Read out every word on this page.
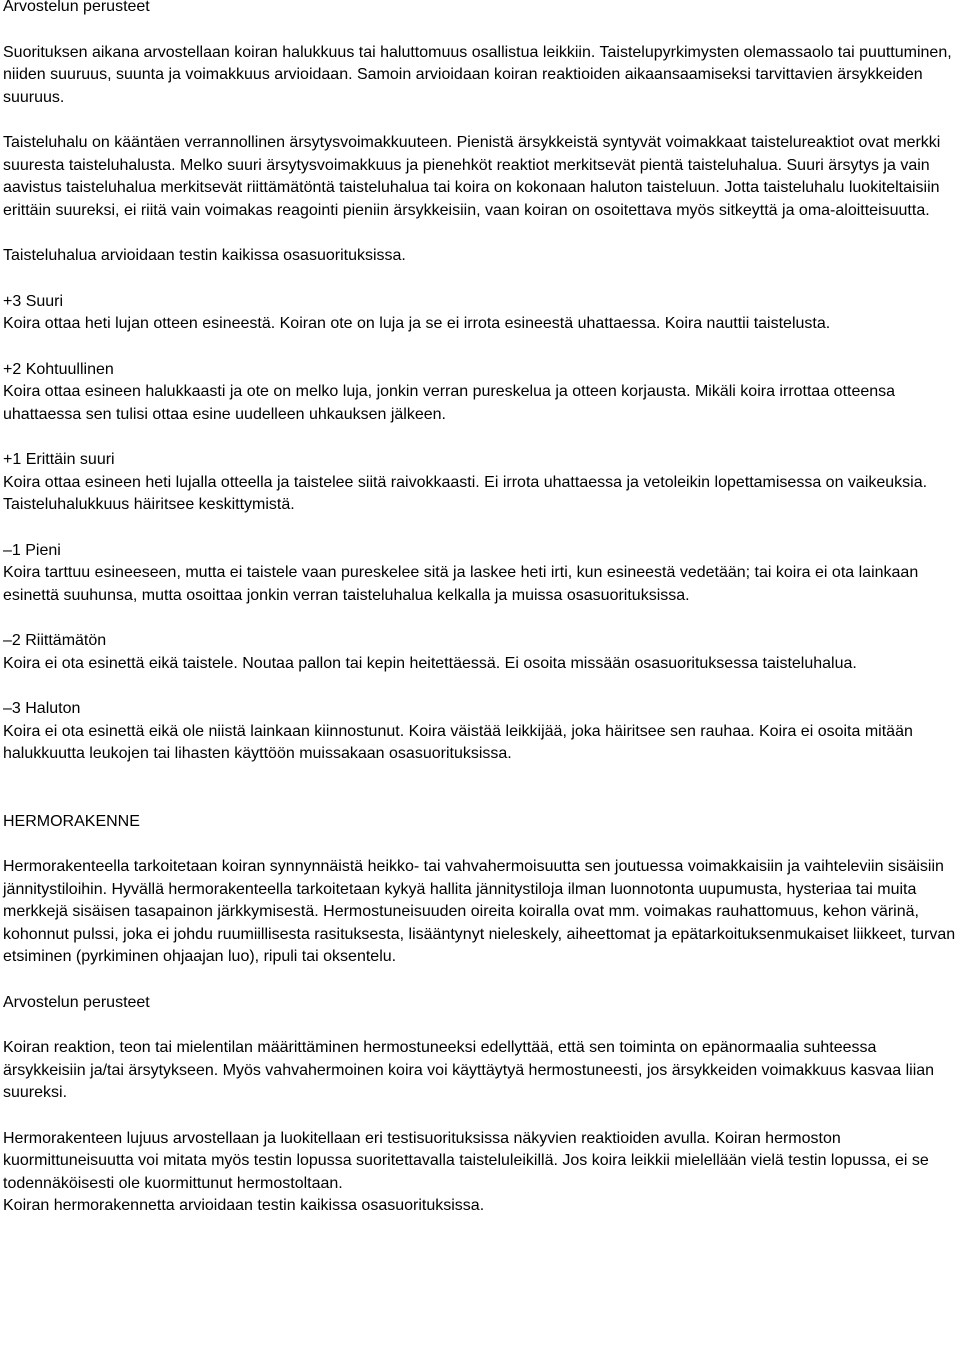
Arvostelun perusteet

Suorituksen aikana arvostellaan koiran halukkuus tai haluttomuus osallistua leikkiin. Taistelupyrkimysten olemassaolo tai puuttuminen, niiden suuruus, suunta ja voimakkuus arvioidaan. Samoin arvioidaan koiran reaktioiden aikaansaamiseksi tarvittavien ärsykkeiden suuruus.

Taisteluhalu on kääntäen verrannollinen ärsytysvoimakkuuteen. Pienistä ärsykkeistä syntyvät voimakkaat taistelureaktiot ovat merkki suuresta taisteluhalusta. Melko suuri ärsytysvoimakkuus ja pienehköt reaktiot merkitsevät pientä taisteluhalua. Suuri ärsytys ja vain aavistus taisteluhalua merkitsevät riittämätöntä taisteluhalua tai koira on kokonaan haluton taisteluun. Jotta taisteluhalu luokiteltaisiin erittäin suureksi, ei riitä vain voimakas reagointi pieniin ärsykkeisiin, vaan koiran on osoitettava myös sitkeyttä ja oma-aloitteisuutta.

Taisteluhalua arvioidaan testin kaikissa osasuorituksissa.

+3 Suuri

Koira ottaa heti lujan otteen esineestä. Koiran ote on luja ja se ei irrota esineestä uhattaessa. Koira nauttii taistelusta.

+2 Kohtuullinen

Koira ottaa esineen halukkaasti ja ote on melko luja, jonkin verran pureskelua ja otteen korjausta. Mikäli koira irrottaa otteensa uhattaessa sen tulisi ottaa esine uudelleen uhkauksen jälkeen.

+1 Erittäin suuri

Koira ottaa esineen heti lujalla otteella ja taistelee siitä raivokkaasti. Ei irrota uhattaessa ja vetoleikin lopettamisessa on vaikeuksia. Taisteluhalukkuus häiritsee keskittymistä.

–1 Pieni

Koira tarttuu esineeseen, mutta ei taistele vaan pureskelee sitä ja laskee heti irti, kun esineestä vedetään; tai koira ei ota lainkaan esinettä suuhunsa, mutta osoittaa jonkin verran taisteluhalua kelkalla ja muissa osasuorituksissa.

–2 Riittämätön

Koira ei ota esinettä eikä taistele. Noutaa pallon tai kepin heitettäessä. Ei osoita missään osasuorituksessa taisteluhalua.

–3 Haluton

Koira ei ota esinettä eikä ole niistä lainkaan kiinnostunut. Koira väistää leikkijää, joka häiritsee sen rauhaa. Koira ei osoita mitään halukkuutta leukojen tai lihasten käyttöön muissakaan osasuorituksissa.

HERMORAKENNE

Hermorakenteella tarkoitetaan koiran synnynnäistä heikko- tai vahvahermoisuutta sen joutuessa voimakkaisiin ja vaihteleviin sisäisiin jännitystiloihin. Hyvällä hermorakenteella tarkoitetaan kykyä hallita jännitystiloja ilman luonnotonta uupumusta, hysteriaa tai muita merkkejä sisäisen tasapainon järkkymisestä. Hermostuneisuuden oireita koiralla ovat mm. voimakas rauhattomuus, kehon värinä, kohonnut pulssi, joka ei johdu ruumiillisesta rasituksesta, lisääntynyt nieleskely, aiheettomat ja epätarkoituksenmukaiset liikkeet, turvan etsiminen (pyrkiminen ohjaajan luo), ripuli tai oksentelu.

Arvostelun perusteet

Koiran reaktion, teon tai mielentilan määrittäminen hermostuneeksi edellyttää, että sen toiminta on epänormaalia suhteessa ärsykkeisiin ja/tai ärsytykseen. Myös vahvahermoinen koira voi käyttäytyä hermostuneesti, jos ärsykkeiden voimakkuus kasvaa liian suureksi.

Hermorakenteen lujuus arvostellaan ja luokitellaan eri testisuorituksissa näkyvien reaktioiden avulla. Koiran hermoston kuormittuneisuutta voi mitata myös testin lopussa suoritettavalla taisteluleikillä. Jos koira leikkii mielellään vielä testin lopussa, ei se todennäköisesti ole kuormittunut hermostoltaan.

Koiran hermorakennetta arvioidaan testin kaikissa osasuorituksissa.
